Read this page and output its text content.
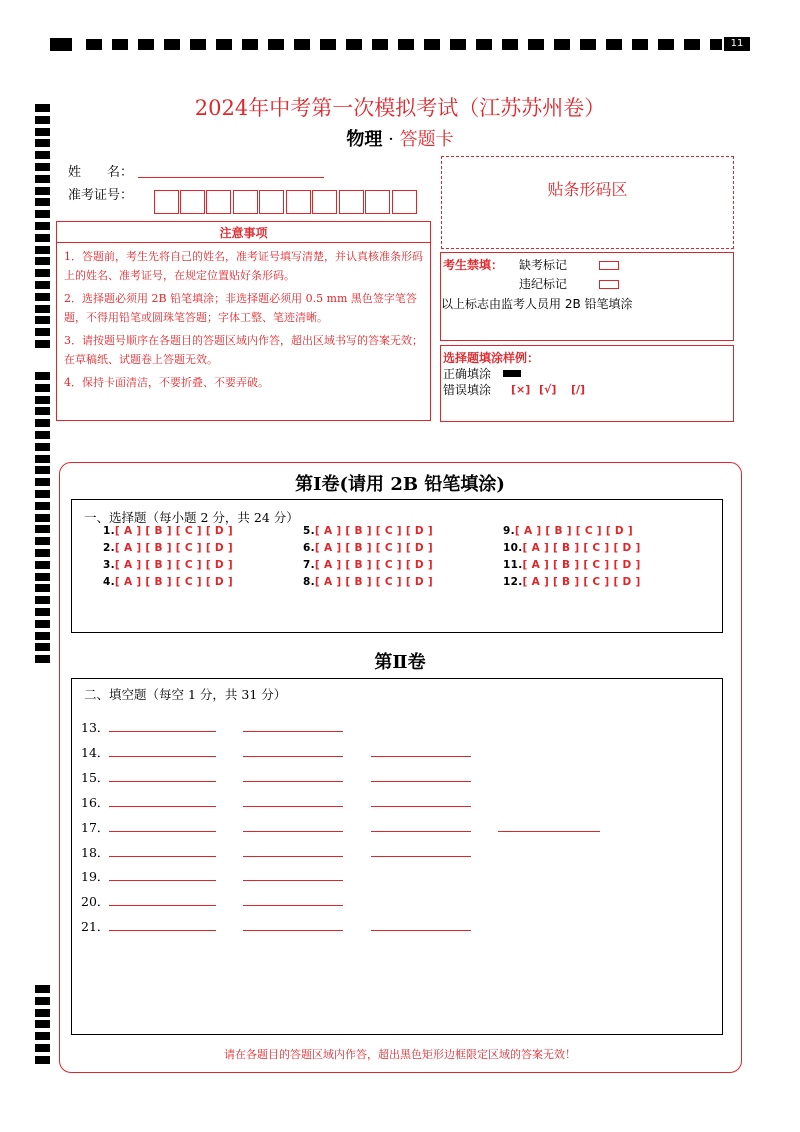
11
2024年中考第一次模拟考试（江苏苏州卷）
物理 · 答题卡
姓　　名：
准考证号：	贴条形码区
注意事项
1．答题前，考生先将自己的姓名，准考证号填写清楚，并认真核准条形码上的姓名、准考证号，在规定位置贴好条形码。
2．选择题必须用 2B 铅笔填涂；非选择题必须用 0.5 mm 黑色签字笔答题，不得用铅笔或圆珠笔答题；字体工整、笔迹清晰。
3．请按题号顺序在各题目的答题区域内作答，超出区域书写的答案无效；在草稿纸、试题卷上答题无效。
4．保持卡面清洁，不要折叠、不要弄破。
考生禁填： 缺考标记
违纪标记
以上标志由监考人员用 2B 铅笔填涂
选择题填涂样例：
正确填涂
错误填涂 [×] [√] [/]
第Ⅰ卷(请用 2B 铅笔填涂)
一、选择题（每小题 2 分，共 24 分）
1.[ A ] [ B ] [ C ] [ D ]
2.[ A ] [ B ] [ C ] [ D ]
3.[ A ] [ B ] [ C ] [ D ]
4.[ A ] [ B ] [ C ] [ D ]
5.[ A ] [ B ] [ C ] [ D ]
6.[ A ] [ B ] [ C ] [ D ]
7.[ A ] [ B ] [ C ] [ D ]
8.[ A ] [ B ] [ C ] [ D ]
9.[ A ] [ B ] [ C ] [ D ]
10.[ A ] [ B ] [ C ] [ D ]
11.[ A ] [ B ] [ C ] [ D ]
12.[ A ] [ B ] [ C ] [ D ]
第Ⅱ卷
二、填空题（每空 1 分，共 31 分）
13．
14．
15．
16．
17．
18．
19．
20．
21．
请在各题目的答题区域内作答，超出黑色矩形边框限定区域的答案无效！
